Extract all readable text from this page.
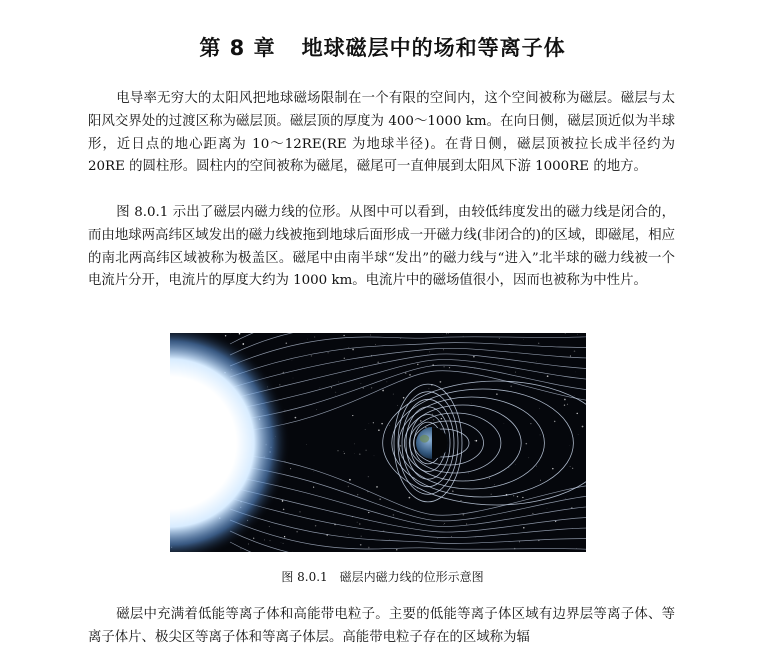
第 8 章 地球磁层中的场和等离子体

电导率无穷大的太阳风把地球磁场限制在一个有限的空间内，这个空间被称为磁层。磁层与太阳风交界处的过渡区称为磁层顶。磁层顶的厚度为 400～1000 km。在向日侧，磁层顶近似为半球形，近日点的地心距离为 10～12RE(RE 为地球半径)。在背日侧，磁层顶被拉长成半径约为 20RE 的圆柱形。圆柱内的空间被称为磁尾，磁尾可一直伸展到太阳风下游 1000RE 的地方。

图 8.0.1 示出了磁层内磁力线的位形。从图中可以看到，由较低纬度发出的磁力线是闭合的，而由地球两高纬区域发出的磁力线被拖到地球后面形成一开磁力线(非闭合的)的区域，即磁尾，相应的南北两高纬区域被称为极盖区。磁尾中由南半球“发出”的磁力线与“进入”北半球的磁力线被一个电流片分开，电流片的厚度大约为 1000 km。电流片中的磁场值很小，因而也被称为中性片。

图 8.0.1 磁层内磁力线的位形示意图

磁层中充满着低能等离子体和高能带电粒子。主要的低能等离子体区域有边界层等离子体、等离子体片、极尖区等离子体和等离子体层。高能带电粒子存在的区域称为辐
